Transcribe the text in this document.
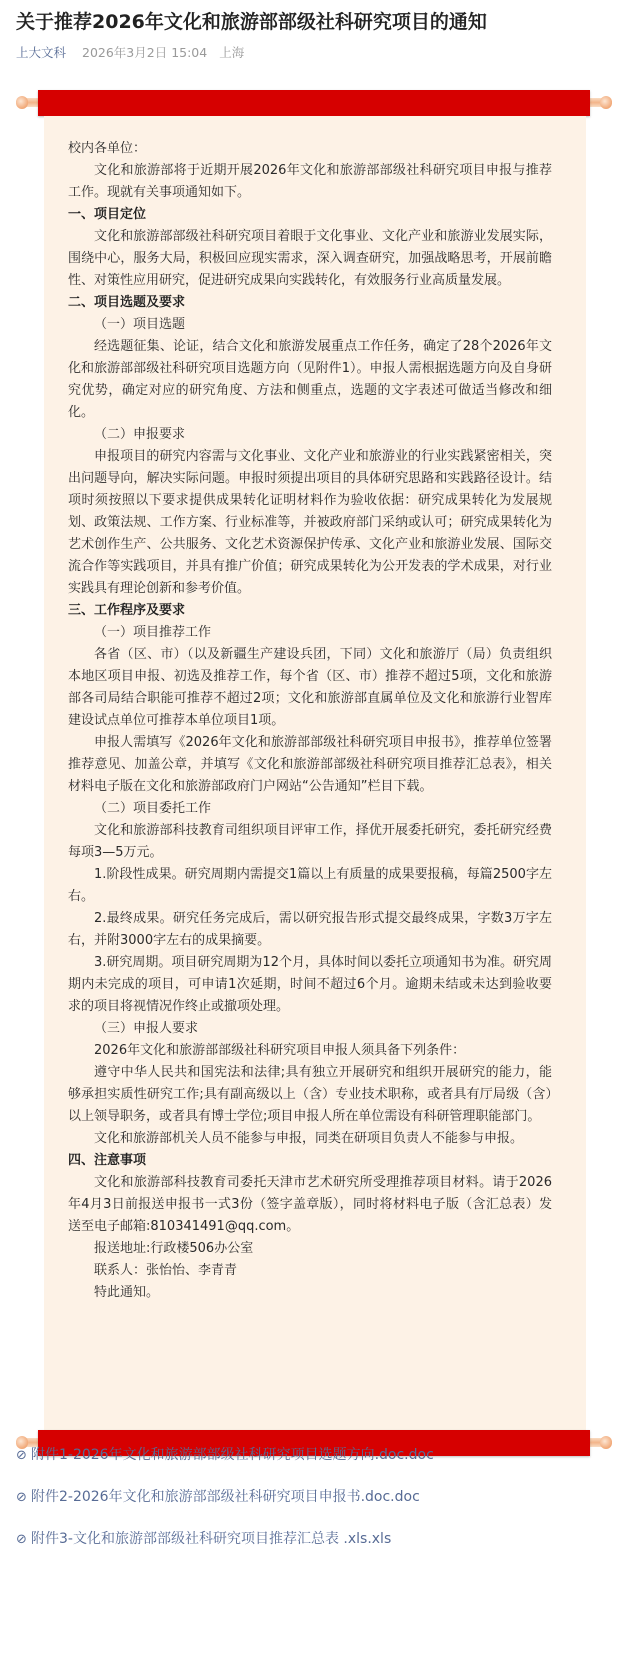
关于推荐2026年文化和旅游部部级社科研究项目的通知
上大文科 2026年3月2日 15:04 上海

校内各单位：

文化和旅游部将于近期开展2026年文化和旅游部部级社科研究项目申报与推荐工作。现就有关事项通知如下。

一、项目定位

文化和旅游部部级社科研究项目着眼于文化事业、文化产业和旅游业发展实际，围绕中心，服务大局，积极回应现实需求，深入调查研究，加强战略思考，开展前瞻性、对策性应用研究，促进研究成果向实践转化，有效服务行业高质量发展。

二、项目选题及要求

（一）项目选题

经选题征集、论证，结合文化和旅游发展重点工作任务，确定了28个2026年文化和旅游部部级社科研究项目选题方向（见附件1）。申报人需根据选题方向及自身研究优势，确定对应的研究角度、方法和侧重点，选题的文字表述可做适当修改和细化。

（二）申报要求

申报项目的研究内容需与文化事业、文化产业和旅游业的行业实践紧密相关，突出问题导向，解决实际问题。申报时须提出项目的具体研究思路和实践路径设计。结项时须按照以下要求提供成果转化证明材料作为验收依据：研究成果转化为发展规划、政策法规、工作方案、行业标准等，并被政府部门采纳或认可；研究成果转化为艺术创作生产、公共服务、文化艺术资源保护传承、文化产业和旅游业发展、国际交流合作等实践项目，并具有推广价值；研究成果转化为公开发表的学术成果，对行业实践具有理论创新和参考价值。

三、工作程序及要求

（一）项目推荐工作

各省（区、市）（以及新疆生产建设兵团，下同）文化和旅游厅（局）负责组织本地区项目申报、初选及推荐工作，每个省（区、市）推荐不超过5项，文化和旅游部各司局结合职能可推荐不超过2项；文化和旅游部直属单位及文化和旅游行业智库建设试点单位可推荐本单位项目1项。

申报人需填写《2026年文化和旅游部部级社科研究项目申报书》，推荐单位签署推荐意见、加盖公章，并填写《文化和旅游部部级社科研究项目推荐汇总表》，相关材料电子版在文化和旅游部政府门户网站“公告通知”栏目下载。

（二）项目委托工作

文化和旅游部科技教育司组织项目评审工作，择优开展委托研究，委托研究经费每项3—5万元。

1.阶段性成果。研究周期内需提交1篇以上有质量的成果要报稿，每篇2500字左右。

2.最终成果。研究任务完成后，需以研究报告形式提交最终成果，字数3万字左右，并附3000字左右的成果摘要。

3.研究周期。项目研究周期为12个月，具体时间以委托立项通知书为准。研究周期内未完成的项目，可申请1次延期，时间不超过6个月。逾期未结或未达到验收要求的项目将视情况作终止或撤项处理。

（三）申报人要求

2026年文化和旅游部部级社科研究项目申报人须具备下列条件：

遵守中华人民共和国宪法和法律;具有独立开展研究和组织开展研究的能力，能够承担实质性研究工作;具有副高级以上（含）专业技术职称，或者具有厅局级（含）以上领导职务，或者具有博士学位;项目申报人所在单位需设有科研管理职能部门。

文化和旅游部机关人员不能参与申报，同类在研项目负责人不能参与申报。

四、注意事项

文化和旅游部科技教育司委托天津市艺术研究所受理推荐项目材料。请于2026年4月3日前报送申报书一式3份（签字盖章版），同时将材料电子版（含汇总表）发送至电子邮箱:810341491@qq.com。

报送地址:行政楼506办公室

联系人：张怡怡、李青青

特此通知。

⊘ 附件1-2026年文化和旅游部部级社科研究项目选题方向.doc.doc
⊘ 附件2-2026年文化和旅游部部级社科研究项目申报书.doc.doc
⊘ 附件3-文化和旅游部部级社科研究项目推荐汇总表 .xls.xls
